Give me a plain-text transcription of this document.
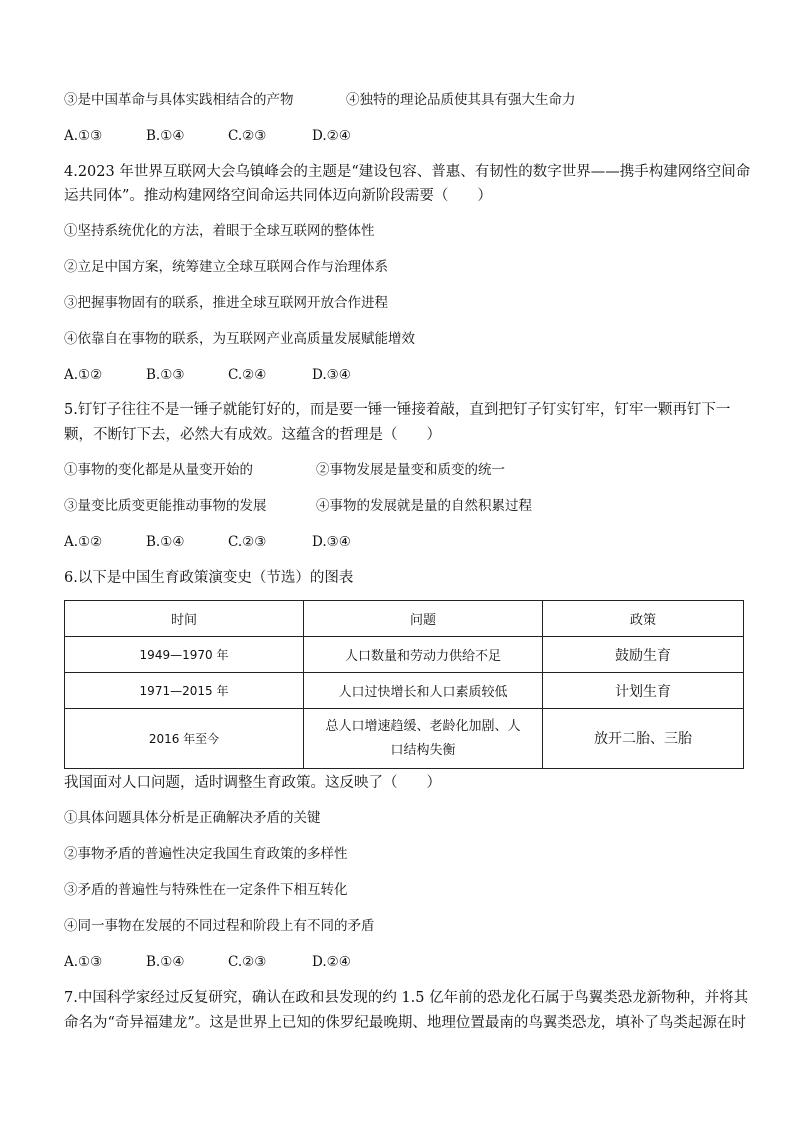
③是中国革命与具体实践相结合的产物	④独特的理论品质使其具有强大生命力
A.①③	B.①④	C.②③	D.②④
4.2023 年世界互联网大会乌镇峰会的主题是“建设包容、普惠、有韧性的数字世界——携手构建网络空间命
运共同体”。推动构建网络空间命运共同体迈向新阶段需要（　　）
①坚持系统优化的方法，着眼于全球互联网的整体性
②立足中国方案，统筹建立全球互联网合作与治理体系
③把握事物固有的联系，推进全球互联网开放合作进程
④依靠自在事物的联系，为互联网产业高质量发展赋能增效
A.①②	B.①③	C.②④	D.③④
5.钉钉子往往不是一锤子就能钉好的，而是要一锤一锤接着敲，直到把钉子钉实钉牢，钉牢一颗再钉下一
颗，不断钉下去，必然大有成效。这蕴含的哲理是（　　）
①事物的变化都是从量变开始的	②事物发展是量变和质变的统一
③量变比质变更能推动事物的发展	④事物的发展就是量的自然积累过程
A.①②	B.①④	C.②③	D.③④
6.以下是中国生育政策演变史（节选）的图表
时间	问题	政策
1949—1970 年	人口数量和劳动力供给不足	鼓励生育
1971—2015 年	人口过快增长和人口素质较低	计划生育
2016 年至今	总人口增速趋缓、老龄化加剧、人
口结构失衡	放开二胎、三胎
我国面对人口问题，适时调整生育政策。这反映了（　　）
①具体问题具体分析是正确解决矛盾的关键
②事物矛盾的普遍性决定我国生育政策的多样性
③矛盾的普遍性与特殊性在一定条件下相互转化
④同一事物在发展的不同过程和阶段上有不同的矛盾
A.①③	B.①④	C.②③	D.②④
7.中国科学家经过反复研究，确认在政和县发现的约 1.5 亿年前的恐龙化石属于鸟翼类恐龙新物种，并将其
命名为“奇异福建龙”。这是世界上已知的侏罗纪最晚期、地理位置最南的鸟翼类恐龙，填补了鸟类起源在时
